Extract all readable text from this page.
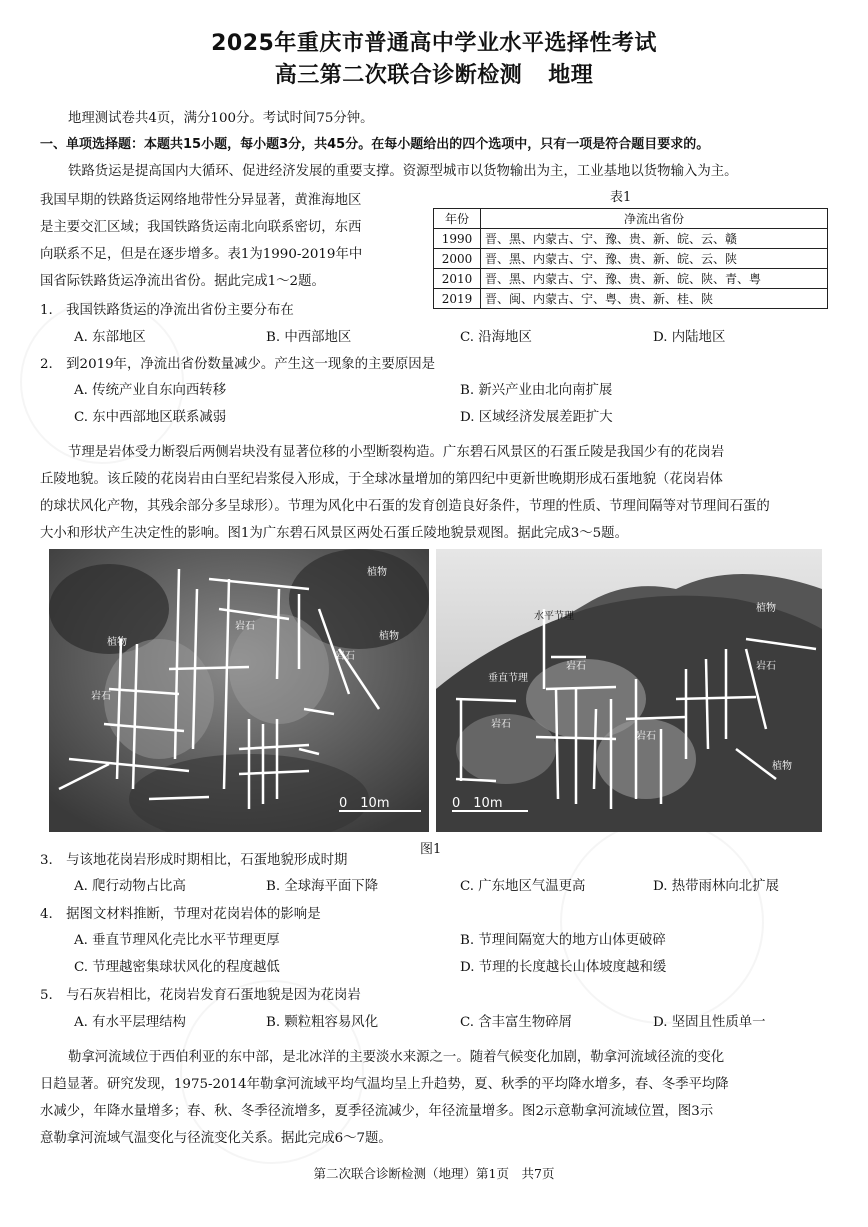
2025年重庆市普通高中学业水平选择性考试
高三第二次联合诊断检测 地理
地理测试卷共4页，满分100分。考试时间75分钟。
一、单项选择题：本题共15小题，每小题3分，共45分。在每小题给出的四个选项中，只有一项是符合题目要求的。
铁路货运是提高国内大循环、促进经济发展的重要支撑。资源型城市以货物输出为主，工业基地以货物输入为主。
我国早期的铁路货运网络地带性分异显著，黄淮海地区
是主要交汇区域；我国铁路货运南北向联系密切，东西
向联系不足，但是在逐步增多。表1为1990-2019年中
国省际铁路货运净流出省份。据此完成1～2题。
表1
年份	净流出省份
1990	晋、黑、内蒙古、宁、豫、贵、新、皖、云、赣
2000	晋、黑、内蒙古、宁、豫、贵、新、皖、云、陕
2010	晋、黑、内蒙古、宁、豫、贵、新、皖、陕、青、粤
2019	晋、闽、内蒙古、宁、粤、贵、新、桂、陕
1.　我国铁路货运的净流出省份主要分布在
A. 东部地区	B. 中西部地区	C. 沿海地区	D. 内陆地区
2.　到2019年，净流出省份数量减少。产生这一现象的主要原因是
A. 传统产业自东向西转移	B. 新兴产业由北向南扩展
C. 东中西部地区联系减弱	D. 区域经济发展差距扩大
节理是岩体受力断裂后两侧岩块没有显著位移的小型断裂构造。广东碧石风景区的石蛋丘陵是我国少有的花岗岩
丘陵地貌。该丘陵的花岗岩由白垩纪岩浆侵入形成，于全球冰量增加的第四纪中更新世晚期形成石蛋地貌（花岗岩体
的球状风化产物，其残余部分多呈球形）。节理为风化中石蛋的发育创造良好条件，节理的性质、节理间隔等对节理间石蛋的
大小和形状产生决定性的影响。图1为广东碧石风景区两处石蛋丘陵地貌景观图。据此完成3～5题。
植物
植物
岩石
植物
岩石
岩石
0　10m
水平节理
垂直节理
岩石
植物
岩石
岩石
岩石
植物
0　10m
图1
3.　与该地花岗岩形成时期相比，石蛋地貌形成时期
A. 爬行动物占比高	B. 全球海平面下降	C. 广东地区气温更高	D. 热带雨林向北扩展
4.　据图文材料推断，节理对花岗岩体的影响是
A. 垂直节理风化壳比水平节理更厚	B. 节理间隔宽大的地方山体更破碎
C. 节理越密集球状风化的程度越低	D. 节理的长度越长山体坡度越和缓
5.　与石灰岩相比，花岗岩发育石蛋地貌是因为花岗岩
A. 有水平层理结构	B. 颗粒粗容易风化	C. 含丰富生物碎屑	D. 坚固且性质单一
勒拿河流域位于西伯利亚的东中部，是北冰洋的主要淡水来源之一。随着气候变化加剧，勒拿河流域径流的变化
日趋显著。研究发现，1975-2014年勒拿河流域平均气温均呈上升趋势，夏、秋季的平均降水增多，春、冬季平均降
水减少，年降水量增多；春、秋、冬季径流增多，夏季径流减少，年径流量增多。图2示意勒拿河流域位置，图3示
意勒拿河流域气温变化与径流变化关系。据此完成6～7题。
第二次联合诊断检测（地理）第1页　共7页
